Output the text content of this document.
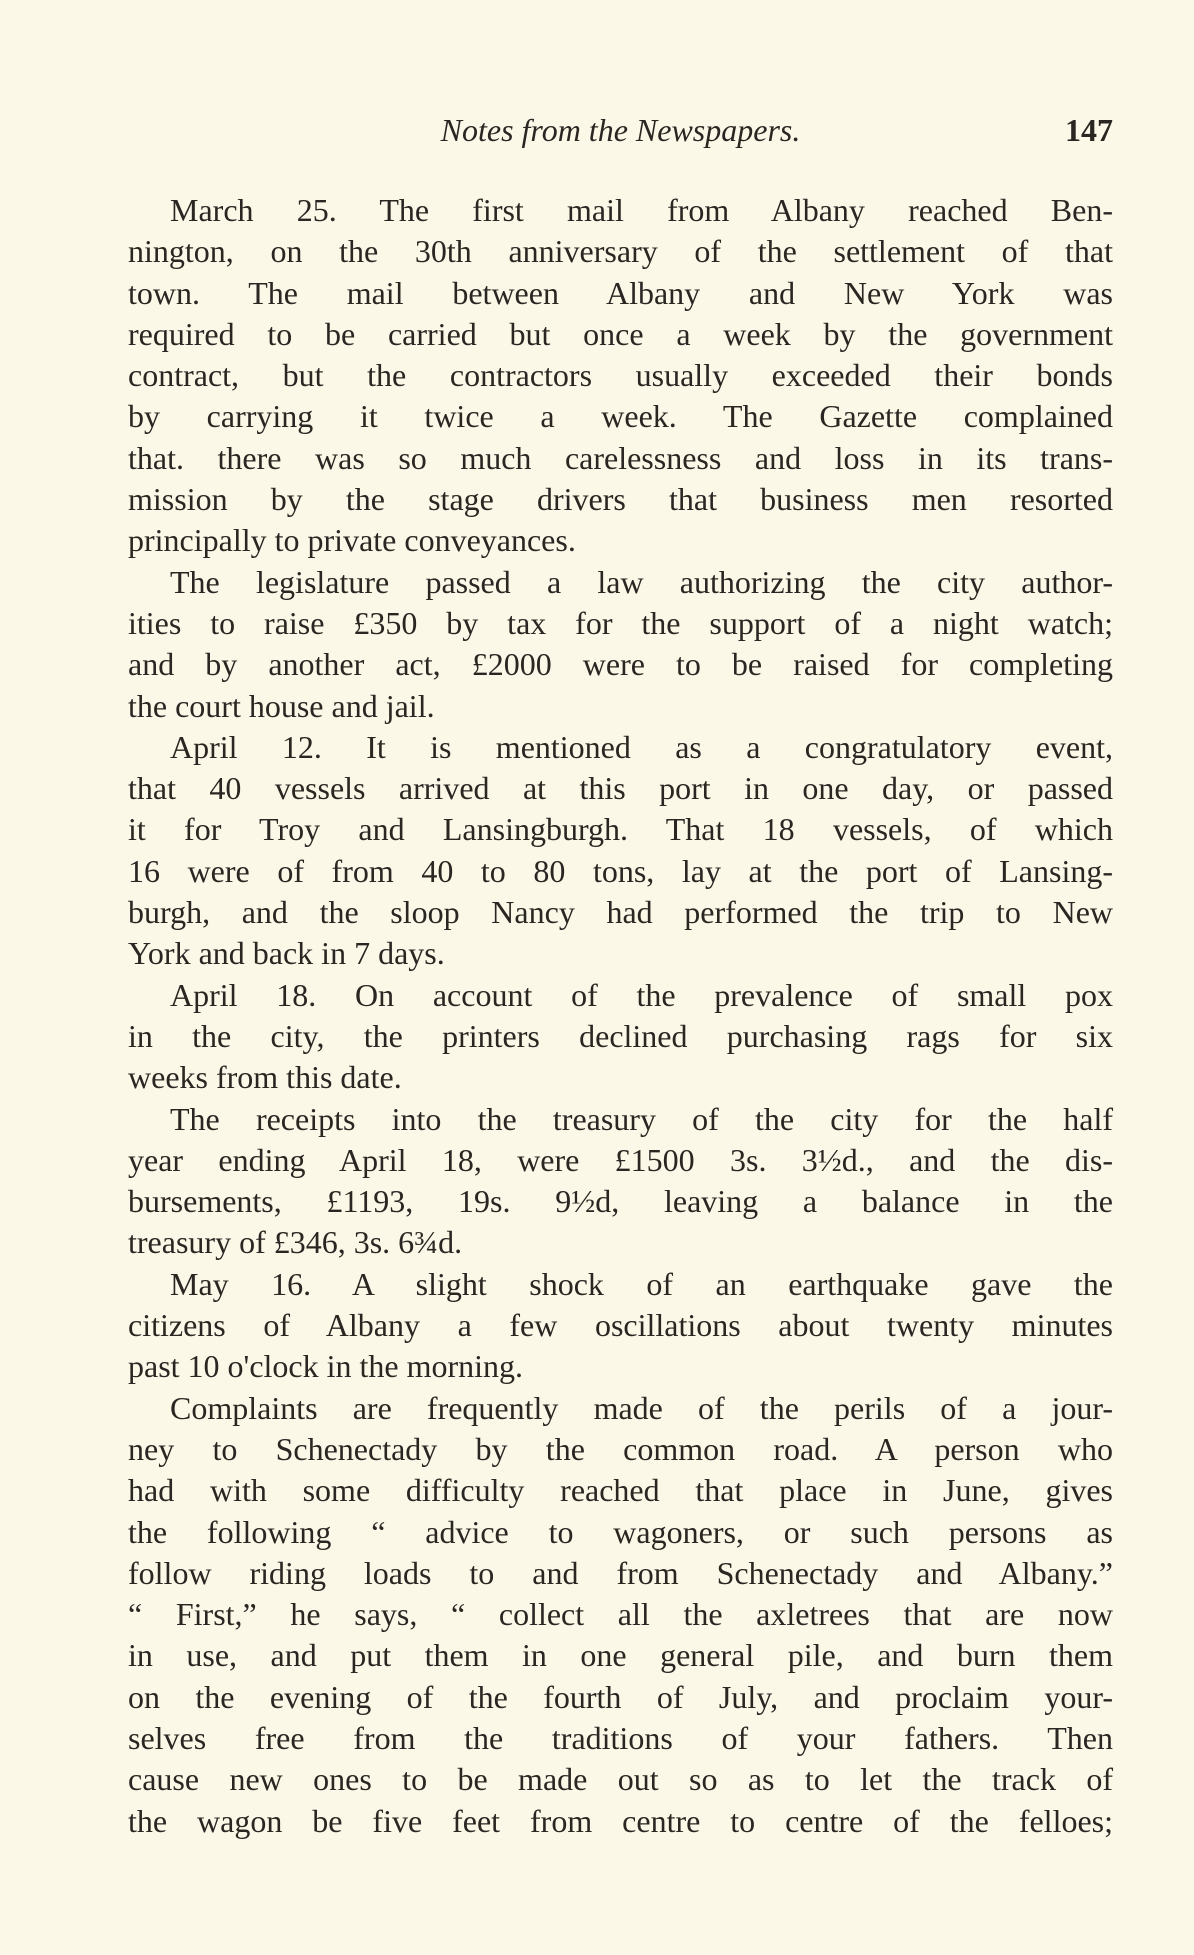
Notes from the Newspapers.	147
March 25. The first mail from Albany reached Ben-
nington, on the 30th anniversary of the settlement of that
town. The mail between Albany and New York was
required to be carried but once a week by the government
contract, but the contractors usually exceeded their bonds
by carrying it twice a week. The Gazette complained
that. there was so much carelessness and loss in its trans-
mission by the stage drivers that business men resorted
principally to private conveyances.
The legislature passed a law authorizing the city author-
ities to raise £350 by tax for the support of a night watch;
and by another act, £2000 were to be raised for completing
the court house and jail.
April 12. It is mentioned as a congratulatory event,
that 40 vessels arrived at this port in one day, or passed
it for Troy and Lansingburgh. That 18 vessels, of which
16 were of from 40 to 80 tons, lay at the port of Lansing-
burgh, and the sloop Nancy had performed the trip to New
York and back in 7 days.
April 18. On account of the prevalence of small pox
in the city, the printers declined purchasing rags for six
weeks from this date.
The receipts into the treasury of the city for the half
year ending April 18, were £1500 3s. 3½d., and the dis-
bursements, £1193, 19s. 9½d, leaving a balance in the
treasury of £346, 3s. 6¾d.
May 16. A slight shock of an earthquake gave the
citizens of Albany a few oscillations about twenty minutes
past 10 o'clock in the morning.
Complaints are frequently made of the perils of a jour-
ney to Schenectady by the common road. A person who
had with some difficulty reached that place in June, gives
the following “ advice to wagoners, or such persons as
follow riding loads to and from Schenectady and Albany.”
“ First,” he says, “ collect all the axletrees that are now
in use, and put them in one general pile, and burn them
on the evening of the fourth of July, and proclaim your-
selves free from the traditions of your fathers. Then
cause new ones to be made out so as to let the track of
the wagon be five feet from centre to centre of the felloes;
